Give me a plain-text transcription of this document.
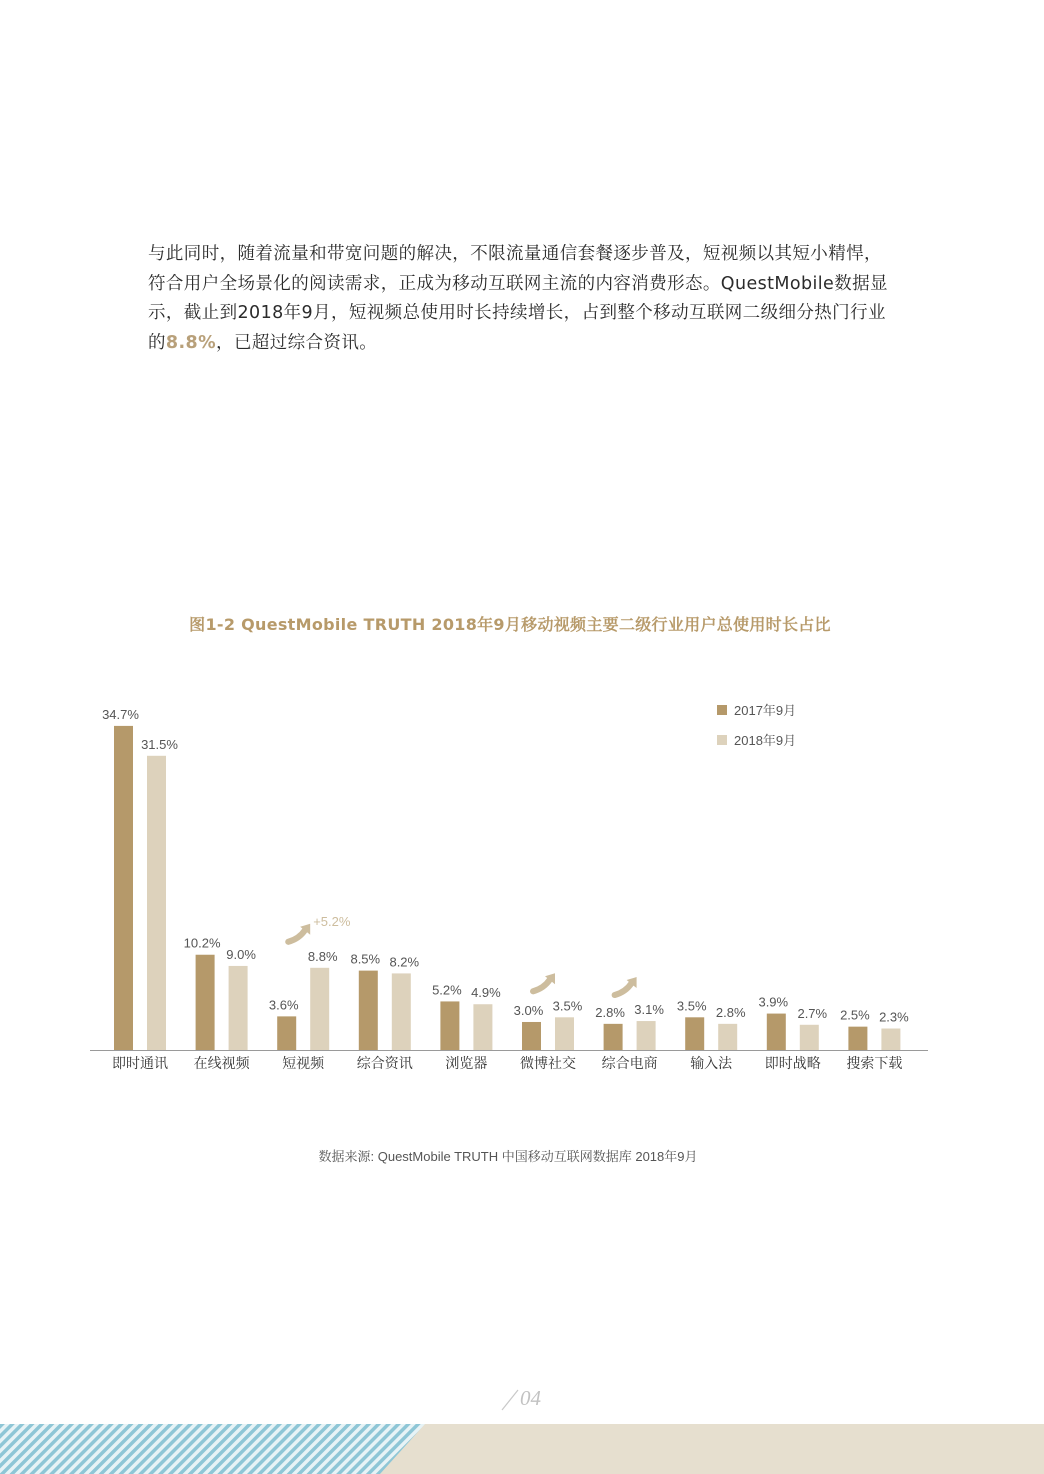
与此同时，随着流量和带宽问题的解决，不限流量通信套餐逐步普及，短视频以其短小精悍，符合用户全场景化的阅读需求，正成为移动互联网主流的内容消费形态。QuestMobile数据显示，截止到2018年9月，短视频总使用时长持续增长，占到整个移动互联网二级细分热门行业的8.8%，已超过综合资讯。
图1-2 QuestMobile TRUTH 2018年9月移动视频主要二级行业用户总使用时长占比
34.7%
31.5%
即时通讯
10.2%
9.0%
在线视频
3.6%
8.8%
短视频
8.5% 8.2%
综合资讯
5.2% 4.9%
浏览器
3.0% 3.5%
微博社交
2.8% 3.1%
综合电商
3.5% 2.8%
输入法
3.9%
2.7%
即时战略
2.5% 2.3%
搜索下载
+5.2%
2017年9月
2018年9月
数据来源: QuestMobile TRUTH 中国移动互联网数据库 2018年9月
04
